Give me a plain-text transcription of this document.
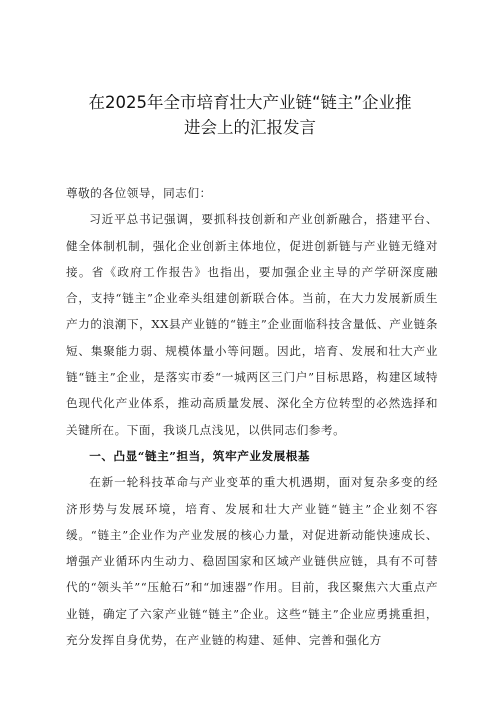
在2025年全市培育壮大产业链“链主”企业推
进会上的汇报发言

尊敬的各位领导，同志们：

习近平总书记强调，要抓科技创新和产业创新融合，搭建平台、健全体制机制，强化企业创新主体地位，促进创新链与产业链无缝对接。省《政府工作报告》也指出，要加强企业主导的产学研深度融合，支持“链主”企业牵头组建创新联合体。当前，在大力发展新质生产力的浪潮下，XX县产业链的“链主”企业面临科技含量低、产业链条短、集聚能力弱、规模体量小等问题。因此，培育、发展和壮大产业链“链主”企业，是落实市委“一城两区三门户”目标思路，构建区域特色现代化产业体系，推动高质量发展、深化全方位转型的必然选择和关键所在。下面，我谈几点浅见，以供同志们参考。

一、凸显“链主”担当，筑牢产业发展根基

在新一轮科技革命与产业变革的重大机遇期，面对复杂多变的经济形势与发展环境，培育、发展和壮大产业链“链主”企业刻不容缓。“链主”企业作为产业发展的核心力量，对促进新动能快速成长、增强产业循环内生动力、稳固国家和区域产业链供应链，具有不可替代的“领头羊”“压舱石”和“加速器”作用。目前，我区聚焦六大重点产业链，确定了六家产业链“链主”企业。这些“链主”企业应勇挑重担，充分发挥自身优势，在产业链的构建、延伸、完善和强化方
